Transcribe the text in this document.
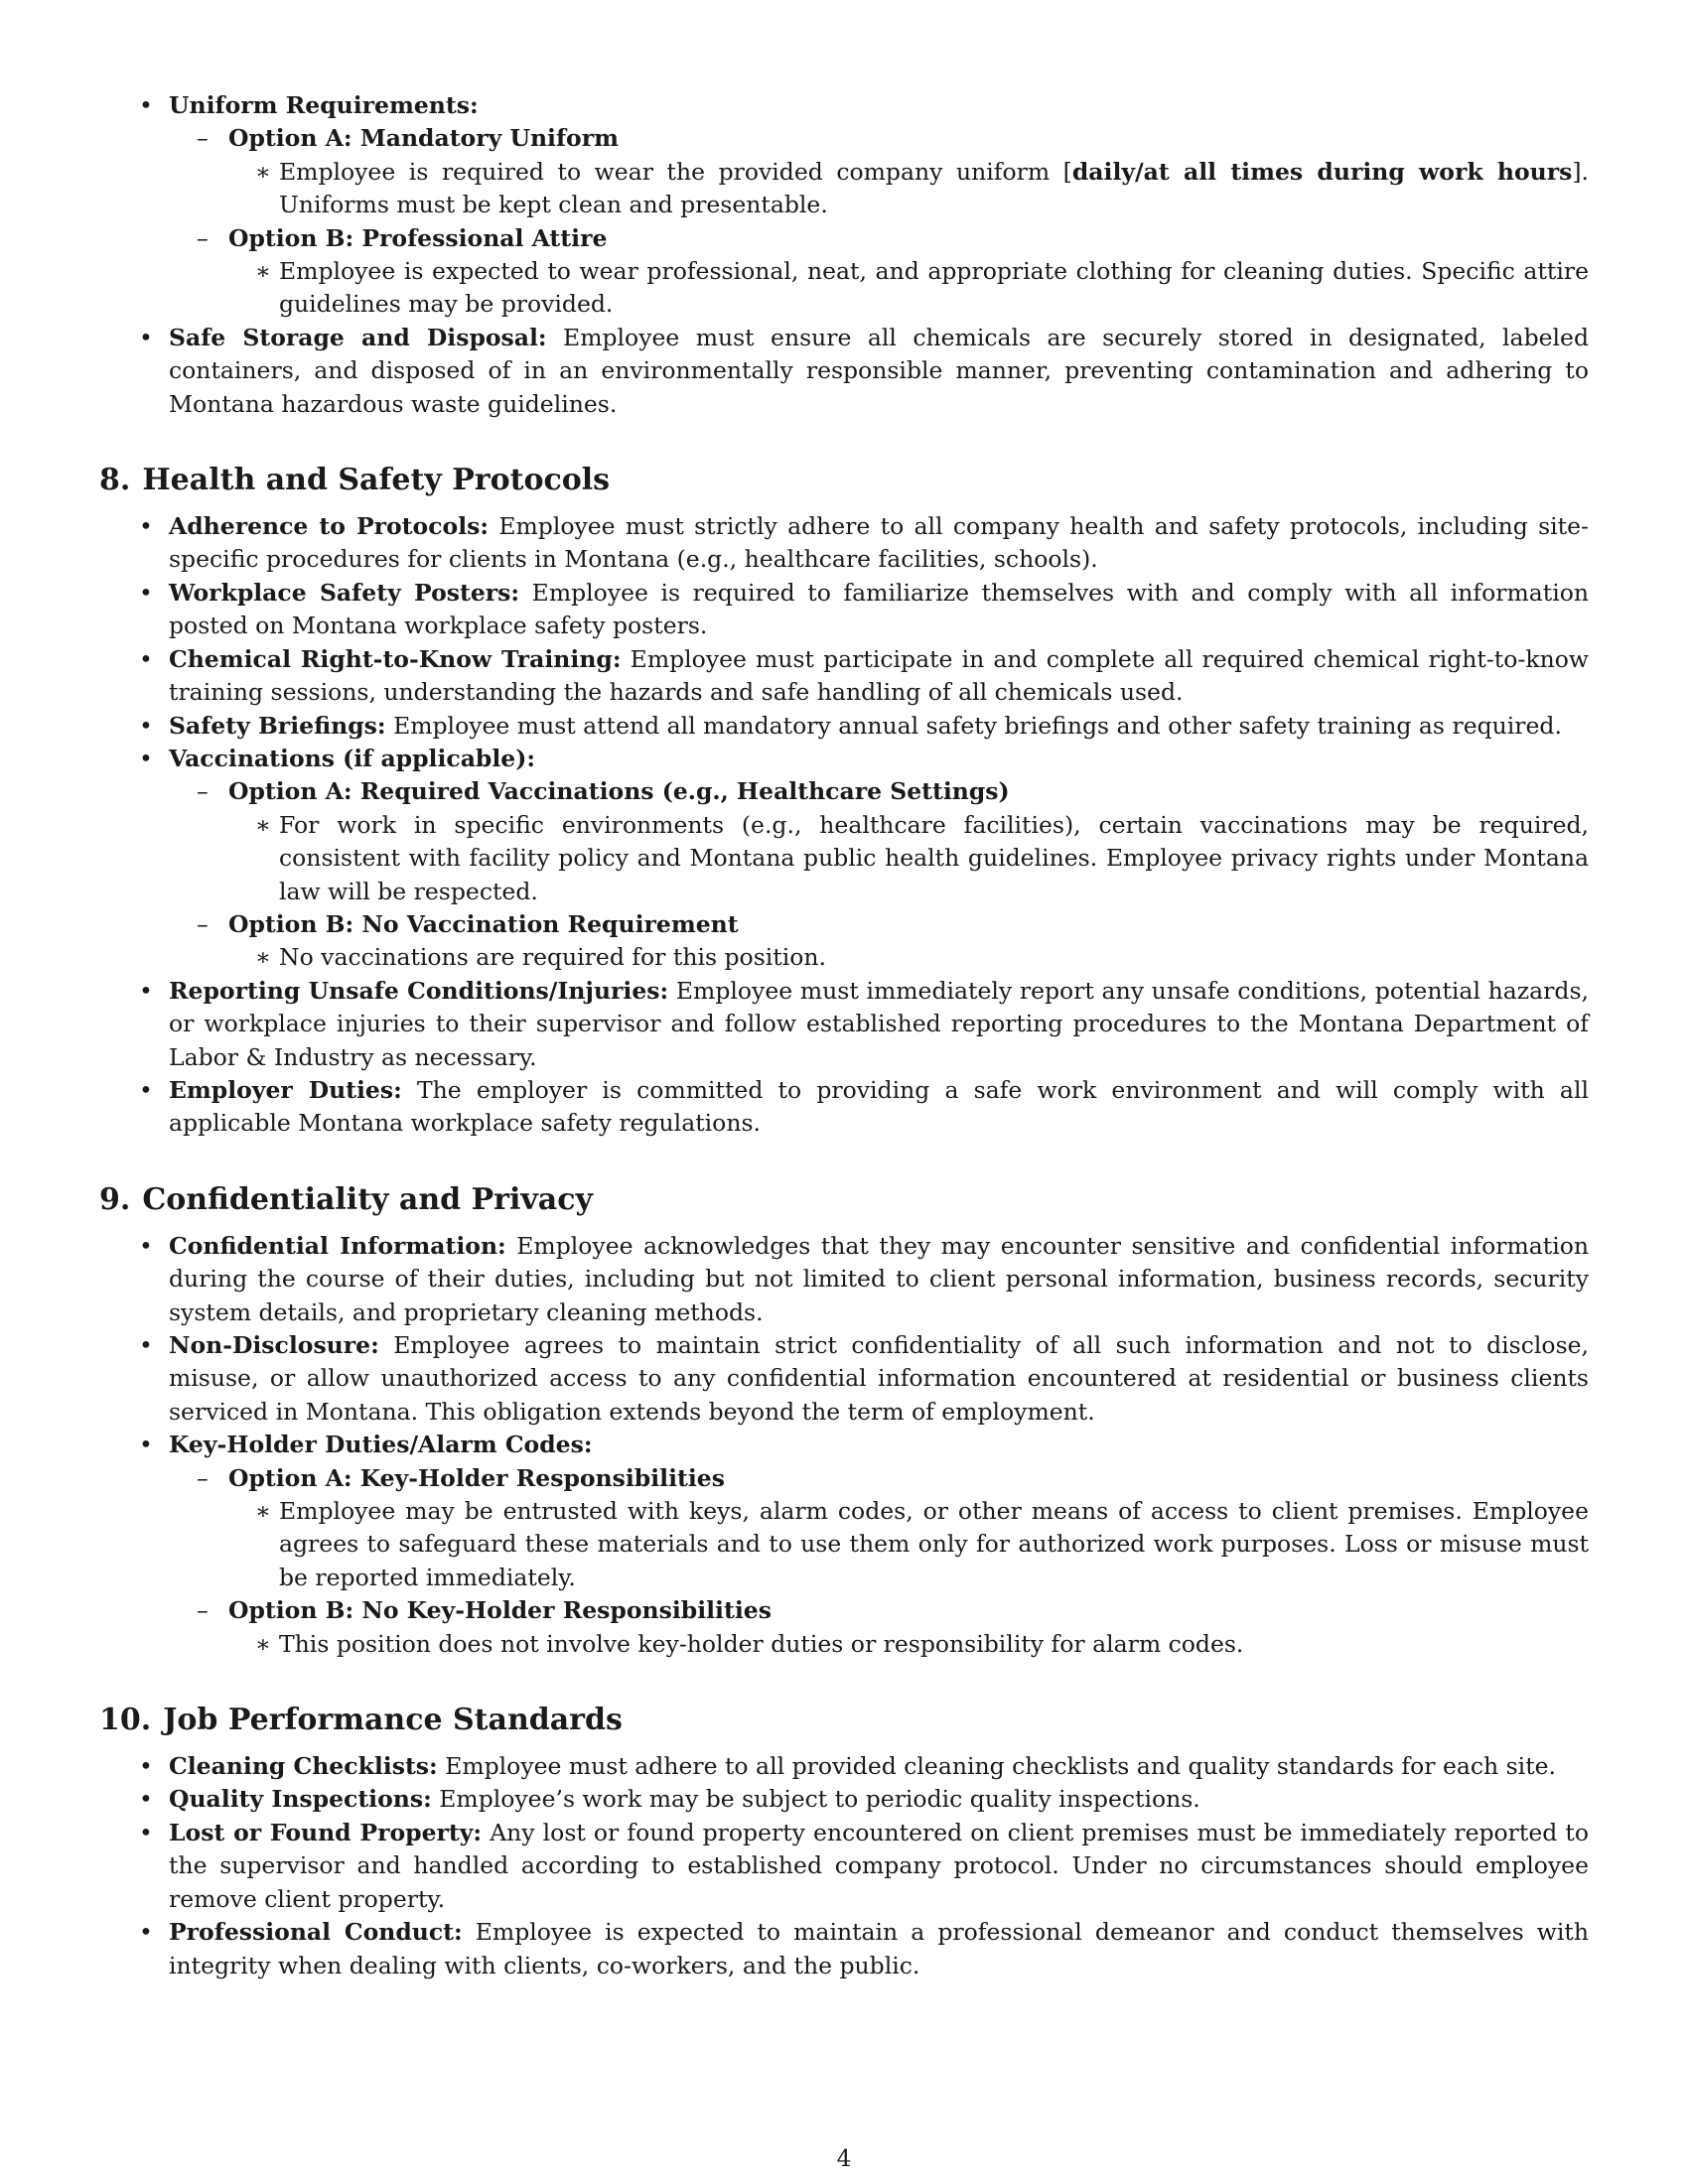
• Uniform Requirements:
– Option A: Mandatory Uniform
∗ Employee is required to wear the provided company uniform [daily/at all times during work hours]. Uniforms must be kept clean and presentable.
– Option B: Professional Attire
∗ Employee is expected to wear professional, neat, and appropriate clothing for cleaning duties. Specific attire guidelines may be provided.
• Safe Storage and Disposal: Employee must ensure all chemicals are securely stored in designated, labeled containers, and disposed of in an environmentally responsible manner, preventing contamination and adhering to Montana hazardous waste guidelines.
8. Health and Safety Protocols
• Adherence to Protocols: Employee must strictly adhere to all company health and safety protocols, including site-specific procedures for clients in Montana (e.g., healthcare facilities, schools).
• Workplace Safety Posters: Employee is required to familiarize themselves with and comply with all information posted on Montana workplace safety posters.
• Chemical Right-to-Know Training: Employee must participate in and complete all required chemical right-to-know training sessions, understanding the hazards and safe handling of all chemicals used.
• Safety Briefings: Employee must attend all mandatory annual safety briefings and other safety training as required.
• Vaccinations (if applicable):
– Option A: Required Vaccinations (e.g., Healthcare Settings)
∗ For work in specific environments (e.g., healthcare facilities), certain vaccinations may be required, consistent with facility policy and Montana public health guidelines. Employee privacy rights under Montana law will be respected.
– Option B: No Vaccination Requirement
∗ No vaccinations are required for this position.
• Reporting Unsafe Conditions/Injuries: Employee must immediately report any unsafe conditions, potential hazards, or workplace injuries to their supervisor and follow established reporting procedures to the Montana Department of Labor & Industry as necessary.
• Employer Duties: The employer is committed to providing a safe work environment and will comply with all applicable Montana workplace safety regulations.
9. Confidentiality and Privacy
• Confidential Information: Employee acknowledges that they may encounter sensitive and confidential information during the course of their duties, including but not limited to client personal information, business records, security system details, and proprietary cleaning methods.
• Non-Disclosure: Employee agrees to maintain strict confidentiality of all such information and not to disclose, misuse, or allow unauthorized access to any confidential information encountered at residential or business clients serviced in Montana. This obligation extends beyond the term of employment.
• Key-Holder Duties/Alarm Codes:
– Option A: Key-Holder Responsibilities
∗ Employee may be entrusted with keys, alarm codes, or other means of access to client premises. Employee agrees to safeguard these materials and to use them only for authorized work purposes. Loss or misuse must be reported immediately.
– Option B: No Key-Holder Responsibilities
∗ This position does not involve key-holder duties or responsibility for alarm codes.
10. Job Performance Standards
• Cleaning Checklists: Employee must adhere to all provided cleaning checklists and quality standards for each site.
• Quality Inspections: Employee’s work may be subject to periodic quality inspections.
• Lost or Found Property: Any lost or found property encountered on client premises must be immediately reported to the supervisor and handled according to established company protocol. Under no circumstances should employee remove client property.
• Professional Conduct: Employee is expected to maintain a professional demeanor and conduct themselves with integrity when dealing with clients, co-workers, and the public.
4
